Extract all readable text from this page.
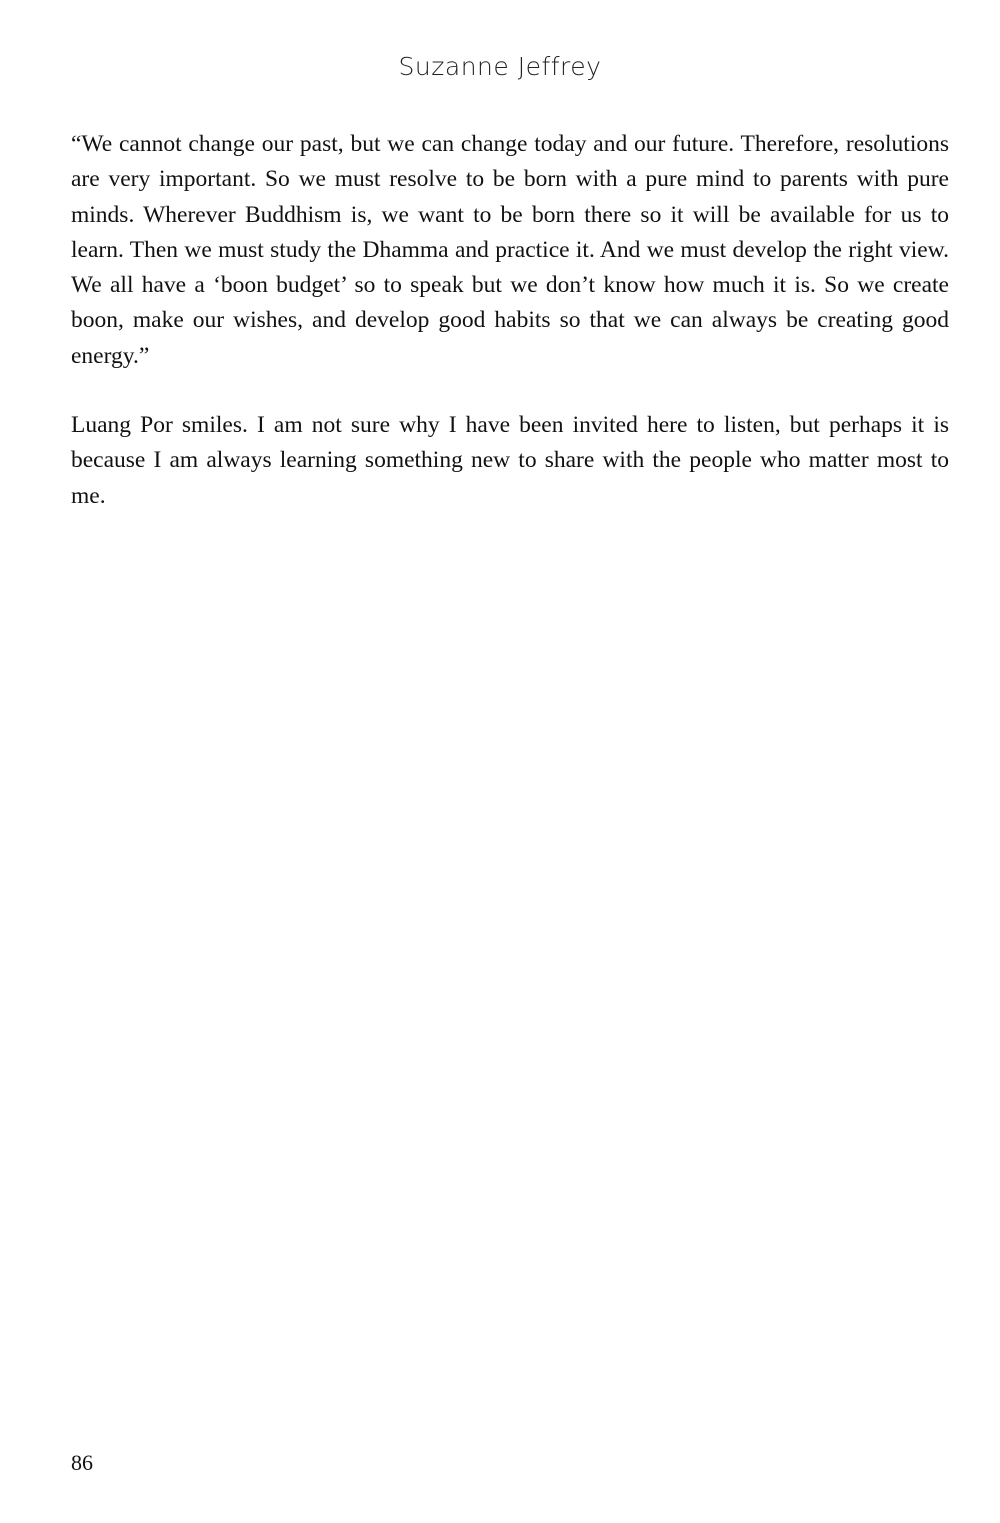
Suzanne Jeffrey

“We cannot change our past, but we can change today and our future. Therefore, resolutions are very important. So we must resolve to be born with a pure mind to parents with pure minds. Wherever Buddhism is, we want to be born there so it will be available for us to learn. Then we must study the Dhamma and practice it. And we must develop the right view. We all have a ‘boon budget’ so to speak but we don’t know how much it is. So we create boon, make our wishes, and develop good habits so that we can always be creating good energy.”

Luang Por smiles. I am not sure why I have been invited here to listen, but perhaps it is because I am always learning something new to share with the people who matter most to me.

86
